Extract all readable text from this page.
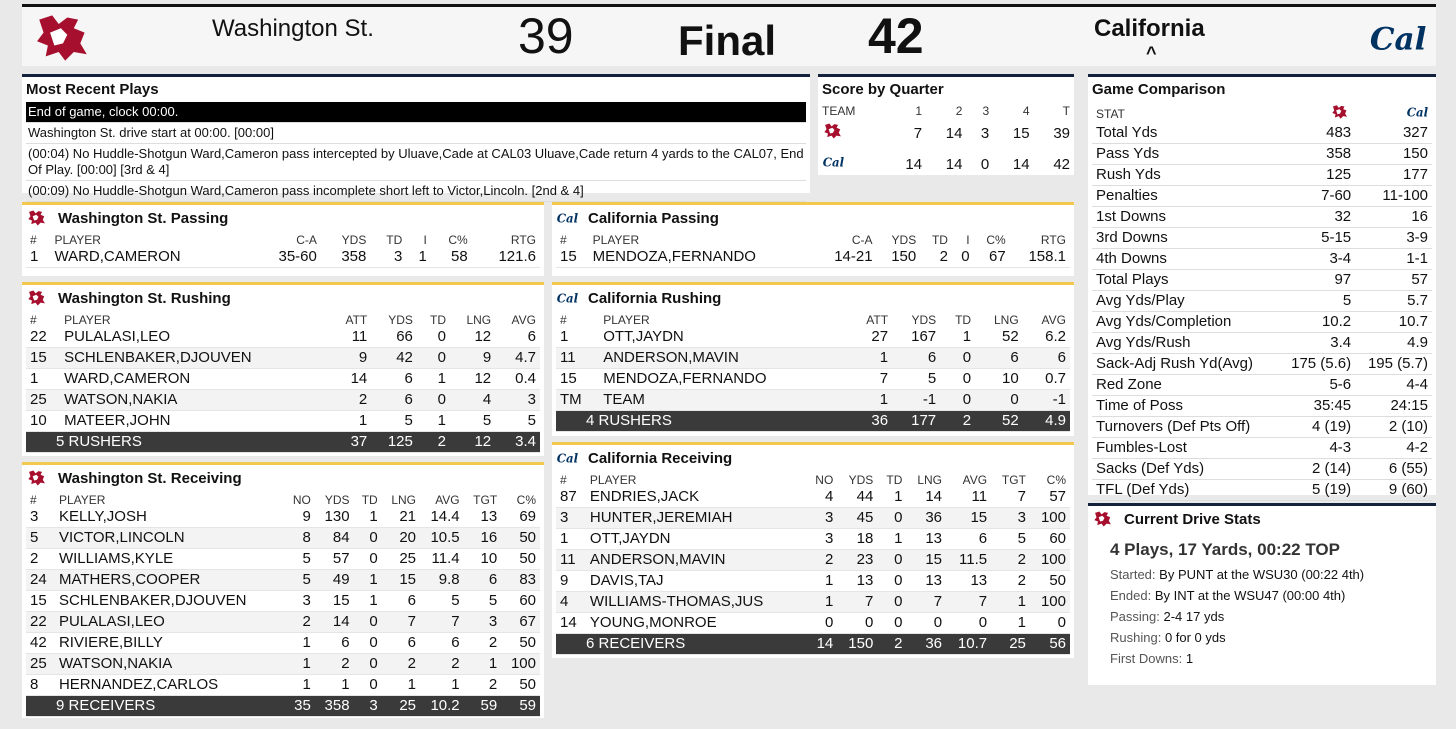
Washington St.	39 Final 42	California
^	Cal
Most Recent Plays
End of game, clock 00:00.
Washington St. drive start at 00:00. [00:00]
(00:04) No Huddle-Shotgun Ward,Cameron pass intercepted by Uluave,Cade at CAL03 Uluave,Cade return 4 yards to the CAL07, End Of Play. [00:00] [3rd & 4]
(00:09) No Huddle-Shotgun Ward,Cameron pass incomplete short left to Victor,Lincoln. [2nd & 4]
Score by Quarter
TEAM	1	2	3	4	T
	7	14	3	15	39

Cal	14	14	0	14	42
Game Comparison
STAT		Cal

Total Yds	483	327
Pass Yds	358	150
Rush Yds	125	177
Penalties	7-60	11-100
1st Downs	32	16
3rd Downs	5-15	3-9
4th Downs	3-4	1-1
Total Plays	97	57
Avg Yds/Play	5	5.7
Avg Yds/Completion	10.2	10.7
Avg Yds/Rush	3.4	4.9
Sack-Adj Rush Yd(Avg)	175 (5.6)	195 (5.7)
Red Zone	5-6	4-4
Time of Poss	35:45	24:15
Turnovers (Def Pts Off)	4 (19)	2 (10)
Fumbles-Lost	4-3	4-2
Sacks (Def Yds)	2 (14)	6 (55)
TFL (Def Yds)	5 (19)	9 (60)
Current Drive Stats
4 Plays, 17 Yards, 00:22 TOP
Started: By PUNT at the WSU30 (00:22 4th)
Ended: By INT at the WSU47 (00:00 4th)
Passing: 2-4 17 yds
Rushing: 0 for 0 yds
First Downs: 1
Washington St. Passing
#	PLAYER	C-A	YDS	TD	I	C%	RTG
1	WARD,CAMERON	35-60	358	3	1	58	121.6
Cal California Passing
#	PLAYER	C-A	YDS	TD	I	C%	RTG
15	MENDOZA,FERNANDO	14-21	150	2	0	67	158.1
Washington St. Rushing
#	PLAYER	ATT	YDS	TD	LNG	AVG
22	PULALASI,LEO	11	66	0	12	6
15	SCHLENBAKER,DJOUVEN	9	42	0	9	4.7
1	WARD,CAMERON	14	6	1	12	0.4
25	WATSON,NAKIA	2	6	0	4	3
10	MATEER,JOHN	1	5	1	5	5
5 RUSHERS		37	125	2	12	3.4
Cal California Rushing
#	PLAYER	ATT	YDS	TD	LNG	AVG
1	OTT,JAYDN	27	167	1	52	6.2
11	ANDERSON,MAVIN	1	6	0	6	6
15	MENDOZA,FERNANDO	7	5	0	10	0.7
TM	TEAM	1	-1	0	0	-1
4 RUSHERS		36	177	2	52	4.9
Washington St. Receiving
#	PLAYER	NO	YDS	TD	LNG	AVG	TGT	C%
3	KELLY,JOSH	9	130	1	21	14.4	13	69
5	VICTOR,LINCOLN	8	84	0	20	10.5	16	50
2	WILLIAMS,KYLE	5	57	0	25	11.4	10	50
24	MATHERS,COOPER	5	49	1	15	9.8	6	83
15	SCHLENBAKER,DJOUVEN	3	15	1	6	5	5	60
22	PULALASI,LEO	2	14	0	7	7	3	67
42	RIVIERE,BILLY	1	6	0	6	6	2	50
25	WATSON,NAKIA	1	2	0	2	2	1	100
8	HERNANDEZ,CARLOS	1	1	0	1	1	2	50
9 RECEIVERS		35	358	3	25	10.2	59	59
Cal California Receiving
#	PLAYER	NO	YDS	TD	LNG	AVG	TGT	C%
87	ENDRIES,JACK	4	44	1	14	11	7	57
3	HUNTER,JEREMIAH	3	45	0	36	15	3	100
1	OTT,JAYDN	3	18	1	13	6	5	60
11	ANDERSON,MAVIN	2	23	0	15	11.5	2	100
9	DAVIS,TAJ	1	13	0	13	13	2	50
4	WILLIAMS-THOMAS,JUS	1	7	0	7	7	1	100
14	YOUNG,MONROE	0	0	0	0	0	1	0
6 RECEIVERS		14	150	2	36	10.7	25	56
